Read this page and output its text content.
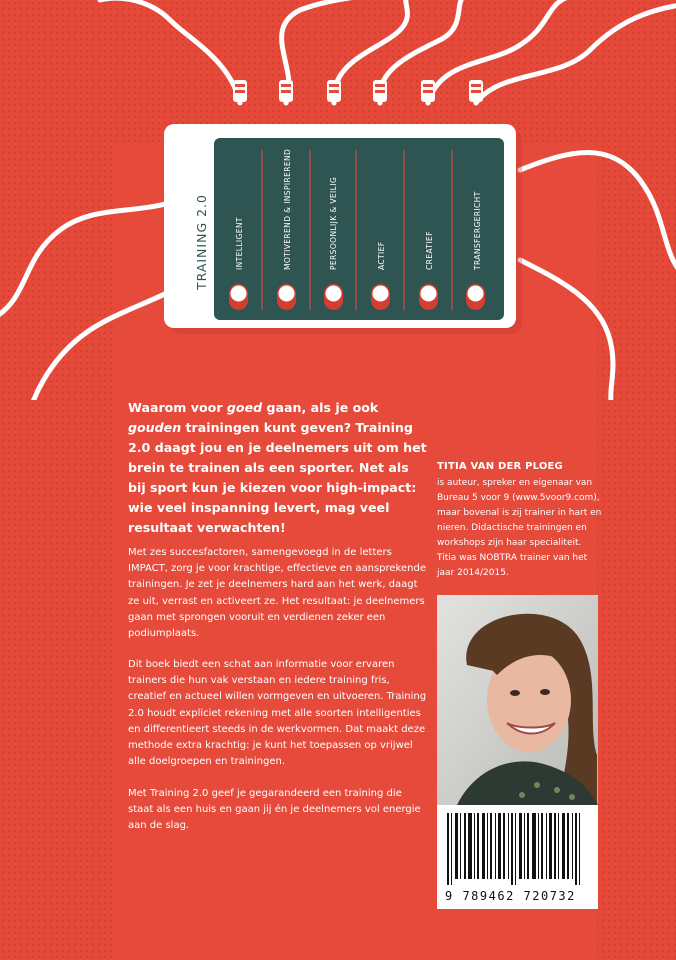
I	M	P	A	C	T
TRAINING 2.0	INTELLIGENT	MOTIVEREND & INSPIREREND	PERSOONLIJK & VEILIG	ACTIEF	CREATIEF	TRANSFERGERICHT

Waarom voor goed gaan, als je ook gouden trainingen kunt geven? Training 2.0 daagt jou en je deelnemers uit om het brein te trainen als een sporter. Net als bij sport kun je kiezen voor high-impact: wie veel inspanning levert, mag veel resultaat verwachten!

Met zes succesfactoren, samengevoegd in de letters IMPACT, zorg je voor krachtige, effectieve en aansprekende trainingen. Je zet je deelnemers hard aan het werk, daagt ze uit, verrast en activeert ze. Het resultaat: je deelnemers gaan met sprongen vooruit en verdienen zeker een podiumplaats.

Dit boek biedt een schat aan informatie voor ervaren trainers die hun vak verstaan en iedere training fris, creatief en actueel willen vormgeven en uitvoeren. Training 2.0 houdt expliciet rekening met alle soorten intelligenties en differentieert steeds in de werkvormen. Dat maakt deze methode extra krachtig: je kunt het toepassen op vrijwel alle doelgroepen en trainingen.

Met Training 2.0 geef je gegarandeerd een training die staat als een huis en gaan jij én je deelnemers vol energie aan de slag.

TITIA VAN DER PLOEG

is auteur, spreker en eigenaar van Bureau 5 voor 9 (www.5voor9.com), maar bovenal is zij trainer in hart en nieren. Didactische trainingen en workshops zijn haar specialiteit. Titia was NOBTRA trainer van het jaar 2014/2015.

9 789462 720732
